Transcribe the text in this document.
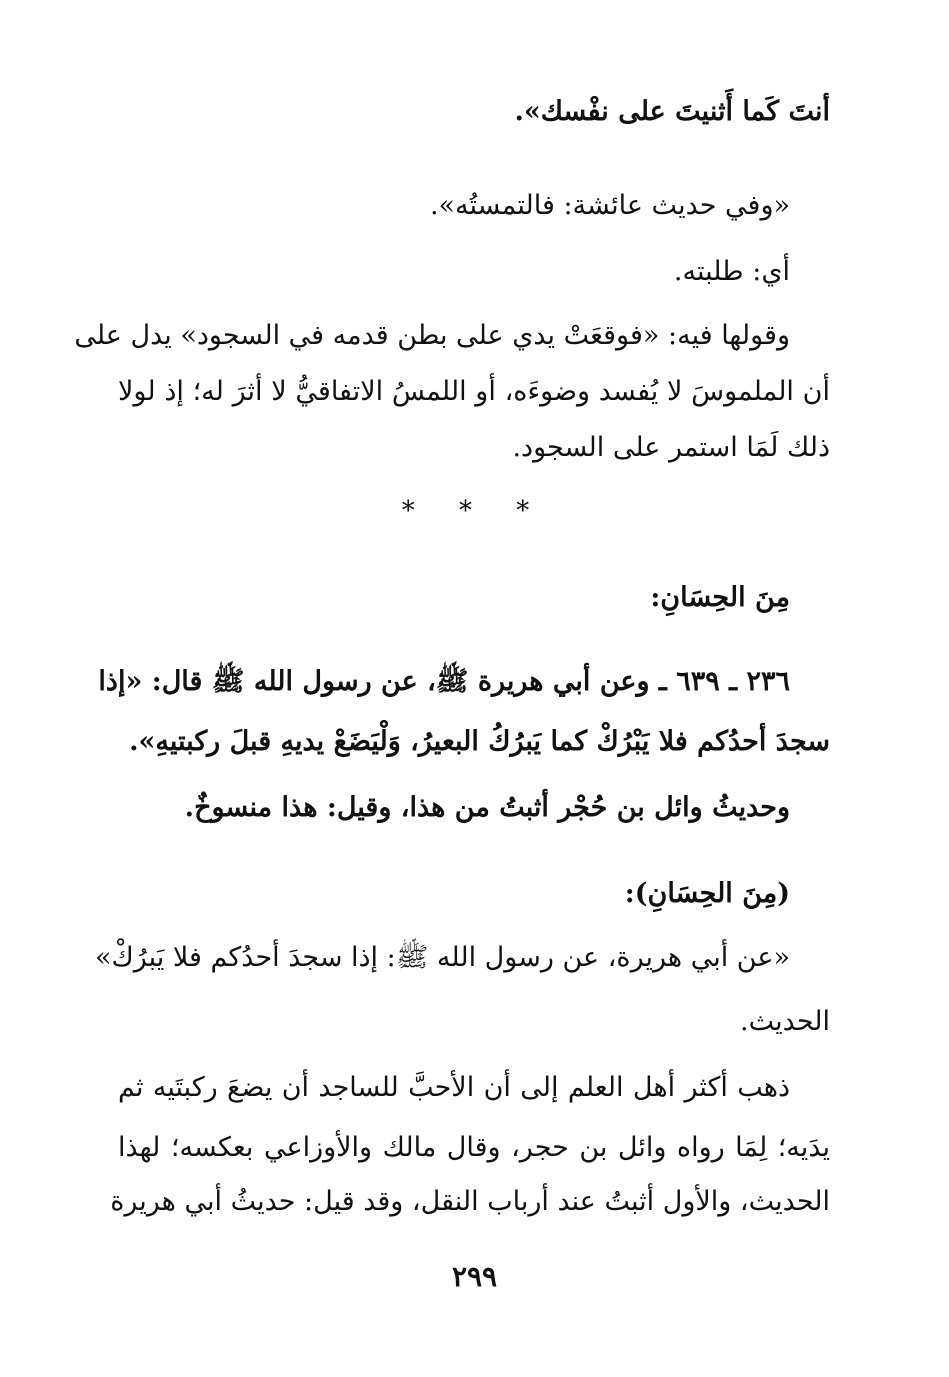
أنتَ كَما أَثنيتَ على نفْسك».
«وفي حديث عائشة: فالتمستُه».
أي: طلبته.
وقولها فيه: «فوقعَتْ يدي على بطن قدمه في السجود» يدل على
أن الملموسَ لا يُفسد وضوءَه، أو اللمسُ الاتفاقيُّ لا أثرَ له؛ إذ لولا
ذلك لَمَا استمر على السجود.
مِنَ الحِسَانِ:
٢٣٦ ـ ٦٣٩ ـ وعن أبي هريرة ﷺ، عن رسول الله ﷺ قال: «إذا
سجدَ أحدُكم فلا يَبْرُكْ كما يَبرُكُ البعيرُ، وَلْيَضَعْ يديهِ قبلَ ركبتيهِ».
وحديثُ وائل بن حُجْر أثبتُ من هذا، وقيل: هذا منسوخٌ.
(مِنَ الحِسَانِ):
«عن أبي هريرة، عن رسول الله ﷺ: إذا سجدَ أحدُكم فلا يَبرُكْ»
الحديث.
ذهب أكثر أهل العلم إلى أن الأحبَّ للساجد أن يضعَ ركبتَيه ثم
يدَيه؛ لِمَا رواه وائل بن حجر، وقال مالك والأوزاعي بعكسه؛ لهذا
الحديث، والأول أثبتُ عند أرباب النقل، وقد قيل: حديثُ أبي هريرة
* * *
٢٩٩
